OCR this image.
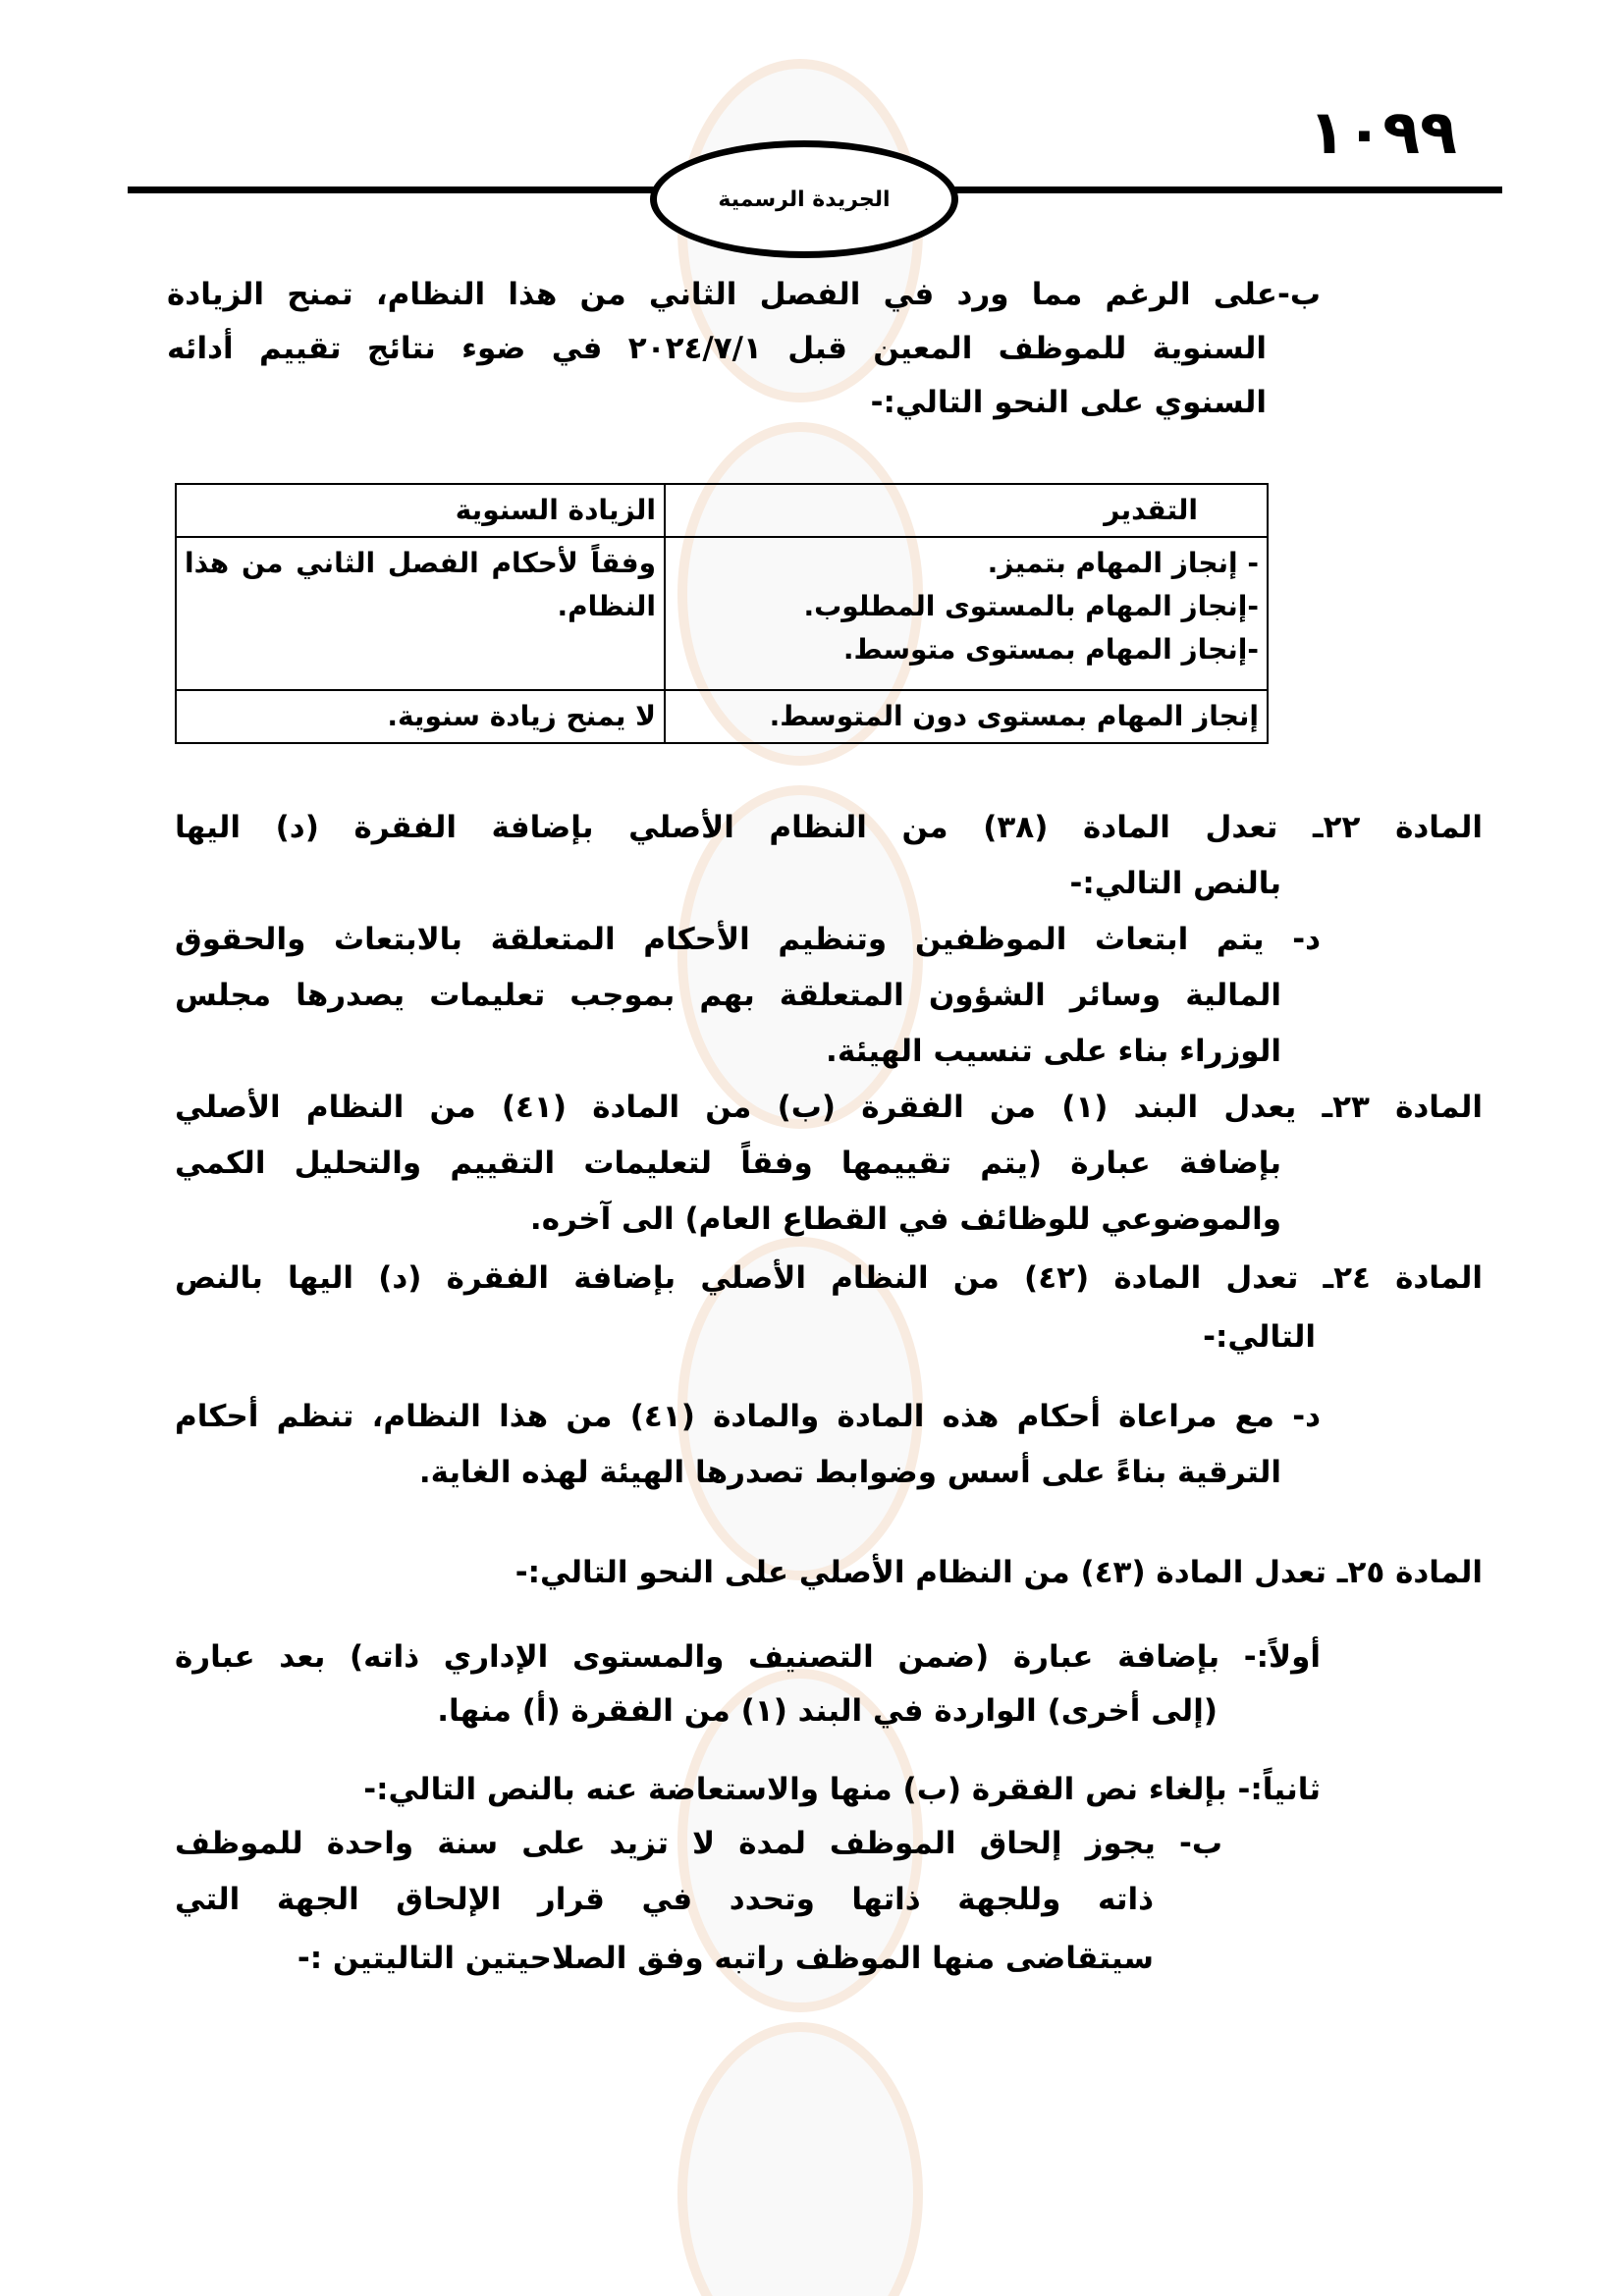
١٠٩٩
الجريدة الرسمية
ب-على الرغم مما ورد في الفصل الثاني من هذا النظام، تمنح الزيادة
السنوية للموظف المعين قبل ٢٠٢٤/٧/١ في ضوء نتائج تقييم أدائه
السنوي على النحو التالي:-
التقدير	الزيادة السنوية

- إنجاز المهام بتميز.
-إنجاز المهام بالمستوى المطلوب.
-إنجاز المهام بمستوى متوسط.	وفقاً لأحكام الفصل الثاني من هذا النظام.
إنجاز المهام بمستوى دون المتوسط.	لا يمنح زيادة سنوية.
المادة ٢٢ـ تعدل المادة (٣٨) من النظام الأصلي بإضافة الفقرة (د) اليها
بالنص التالي:-
د- يتم ابتعاث الموظفين وتنظيم الأحكام المتعلقة بالابتعاث والحقوق
المالية وسائر الشؤون المتعلقة بهم بموجب تعليمات يصدرها مجلس
الوزراء بناء على تنسيب الهيئة.
المادة ٢٣ـ يعدل البند (١) من الفقرة (ب) من المادة (٤١) من النظام الأصلي
بإضافة عبارة (يتم تقييمها وفقاً لتعليمات التقييم والتحليل الكمي
والموضوعي للوظائف في القطاع العام) الى آخره.
المادة ٢٤ـ تعدل المادة (٤٢) من النظام الأصلي بإضافة الفقرة (د) اليها بالنص
التالي:-
د- مع مراعاة أحكام هذه المادة والمادة (٤١) من هذا النظام، تنظم أحكام
الترقية بناءً على أسس وضوابط تصدرها الهيئة لهذه الغاية.
المادة ٢٥ـ تعدل المادة (٤٣) من النظام الأصلي على النحو التالي:-
أولاً:- بإضافة عبارة (ضمن التصنيف والمستوى الإداري ذاته) بعد عبارة
(إلى أخرى) الواردة في البند (١) من الفقرة (أ) منها.
ثانياً:- بإلغاء نص الفقرة (ب) منها والاستعاضة عنه بالنص التالي:-
ب- يجوز إلحاق الموظف لمدة لا تزيد على سنة واحدة للموظف
ذاته وللجهة ذاتها وتحدد في قرار الإلحاق الجهة التي
سيتقاضى منها الموظف راتبه وفق الصلاحيتين التاليتين :-
